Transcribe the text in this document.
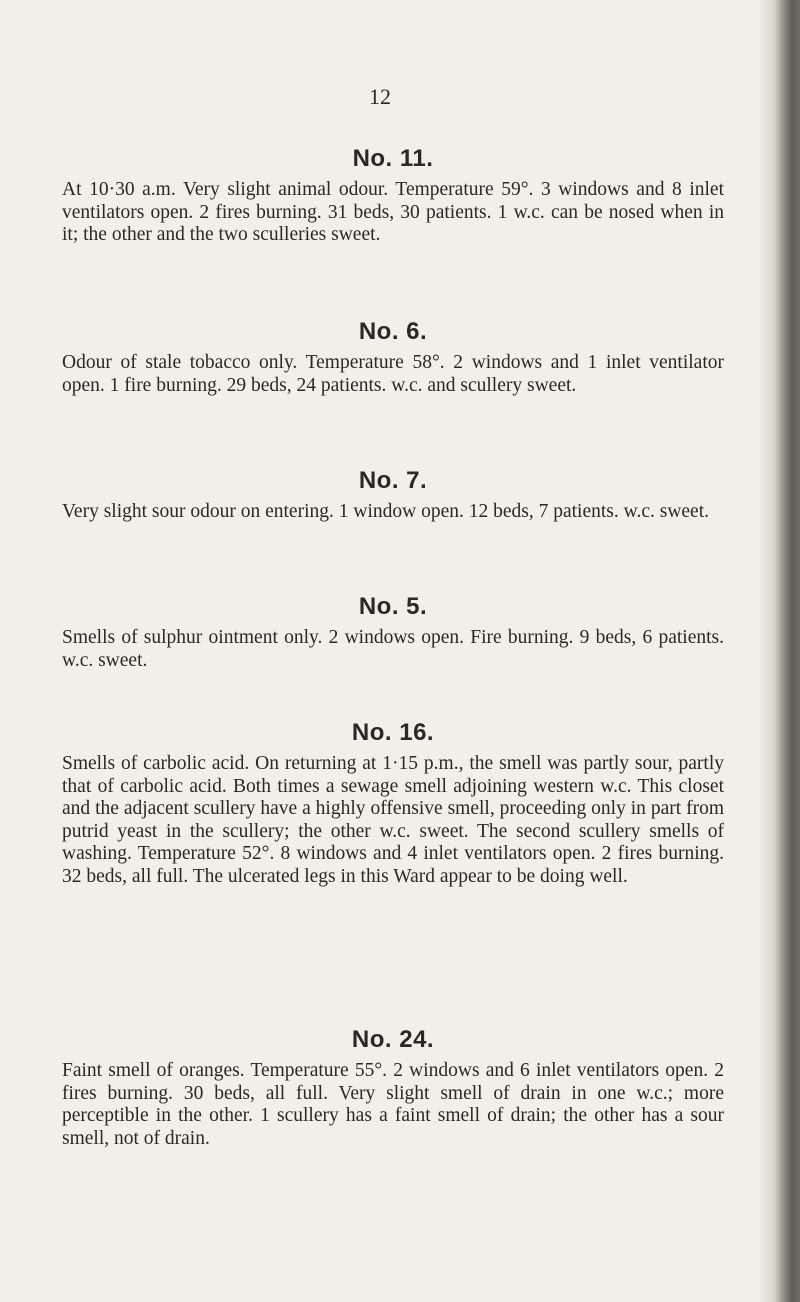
12
No. 11.

At 10·30 a.m. Very slight animal odour. Temperature 59°. 3 windows and 8 inlet ventilators open. 2 fires burning. 31 beds, 30 patients. 1 w.c. can be nosed when in it; the other and the two sculleries sweet.

No. 6.

Odour of stale tobacco only. Temperature 58°. 2 windows and 1 inlet ventilator open. 1 fire burning. 29 beds, 24 patients. w.c. and scullery sweet.

No. 7.

Very slight sour odour on entering. 1 window open. 12 beds, 7 patients. w.c. sweet.

No. 5.

Smells of sulphur ointment only. 2 windows open. Fire burning. 9 beds, 6 patients. w.c. sweet.

No. 16.

Smells of carbolic acid. On returning at 1·15 p.m., the smell was partly sour, partly that of carbolic acid. Both times a sewage smell adjoining western w.c. This closet and the adjacent scullery have a highly offensive smell, proceeding only in part from putrid yeast in the scullery; the other w.c. sweet. The second scullery smells of washing. Temperature 52°. 8 windows and 4 inlet ventilators open. 2 fires burning. 32 beds, all full. The ulcerated legs in this Ward appear to be doing well.

No. 24.

Faint smell of oranges. Temperature 55°. 2 windows and 6 inlet ventilators open. 2 fires burning. 30 beds, all full. Very slight smell of drain in one w.c.; more perceptible in the other. 1 scullery has a faint smell of drain; the other has a sour smell, not of drain.
